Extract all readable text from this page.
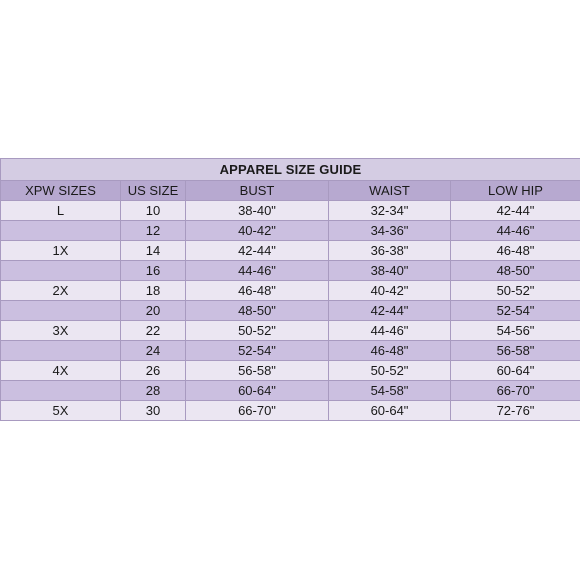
APPAREL SIZE GUIDE				
XPW SIZES	US SIZE	BUST	WAIST	LOW HIP
L	10	38-40"	32-34"	42-44"
	12	40-42"	34-36"	44-46"
1X	14	42-44"	36-38"	46-48"
	16	44-46"	38-40"	48-50"
2X	18	46-48"	40-42"	50-52"
	20	48-50"	42-44"	52-54"
3X	22	50-52"	44-46"	54-56"
	24	52-54"	46-48"	56-58"
4X	26	56-58"	50-52"	60-64"
	28	60-64"	54-58"	66-70"
5X	30	66-70"	60-64"	72-76"
